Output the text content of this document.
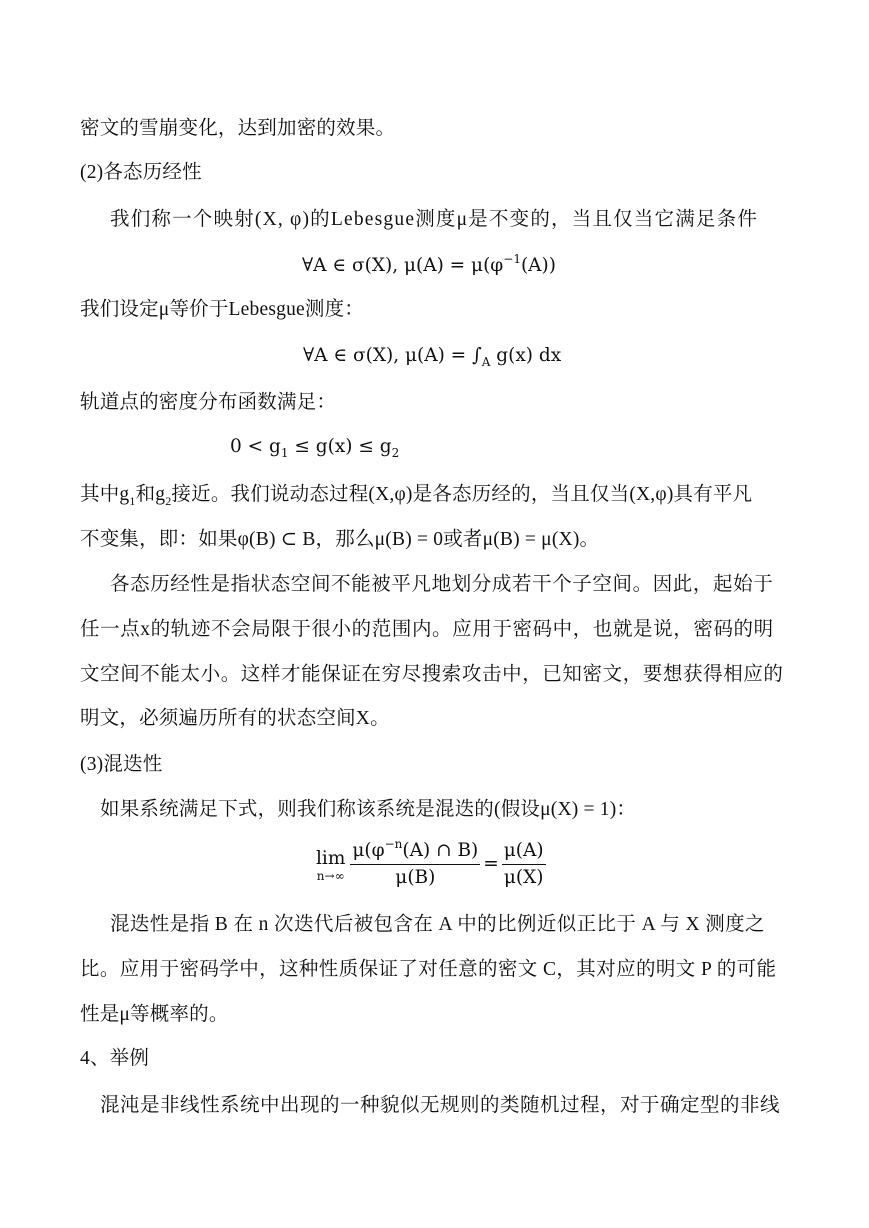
密文的雪崩变化，达到加密的效果。
(2)各态历经性
我们称一个映射(X, φ)的Lebesgue测度μ是不变的，当且仅当它满足条件
∀A ∈ σ(X), $\mu(A) = \mu(\varphi^{-1}(A))$
我们设定μ等价于Lebesgue测度：
∀A ∈ σ(X), $\mu(A) = \int_A$ g(x) dx
轨道点的密度分布函数满足：
$0 < g_1 \le g(x) \le g_2$
其中$g_1$和$g_2$接近。我们说动态过程(X,φ)是各态历经的，当且仅当(X,φ)具有平凡
不变集，即：如果φ(B) ⊂ B，那么μ(B) = 0或者μ(B) = μ(X)。
各态历经性是指状态空间不能被平凡地划分成若干个子空间。因此，起始于
任一点x的轨迹不会局限于很小的范围内。应用于密码中，也就是说，密码的明
文空间不能太小。这样才能保证在穷尽搜索攻击中，已知密文，要想获得相应的
明文，必须遍历所有的状态空间X。
(3)混迭性
如果系统满足下式，则我们称该系统是混迭的(假设μ(X) = 1)：
lim
$n\to\infty \frac{\mu(\varphi^{-n}(A) \cap B)}{\mu(B)} = \frac{\mu(A)}{\mu(X)}$
混迭性是指 B 在 n 次迭代后被包含在 A 中的比例近似正比于 A 与 X 测度之
比。应用于密码学中，这种性质保证了对任意的密文 C，其对应的明文 P 的可能
性是μ等概率的。
4、举例
混沌是非线性系统中出现的一种貌似无规则的类随机过程，对于确定型的非线
